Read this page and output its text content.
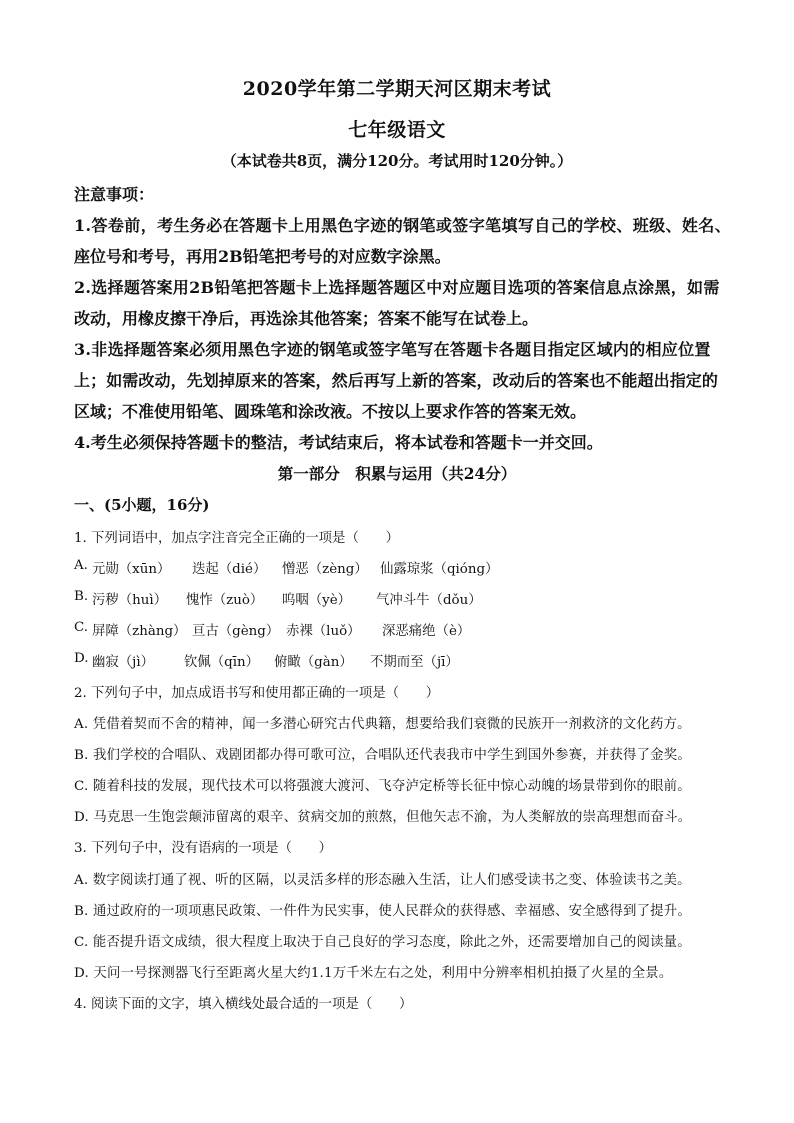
2020学年第二学期天河区期末考试
七年级语文
（本试卷共8页，满分120分。考试用时120分钟。）
注意事项：
1.答卷前，考生务必在答题卡上用黑色字迹的钢笔或签字笔填写自己的学校、班级、姓名、
座位号和考号，再用2B铅笔把考号的对应数字涂黑。
2.选择题答案用2B铅笔把答题卡上选择题答题区中对应题目选项的答案信息点涂黑，如需
改动，用橡皮擦干净后，再选涂其他答案；答案不能写在试卷上。
3.非选择题答案必须用黑色字迹的钢笔或签字笔写在答题卡各题目指定区域内的相应位置
上；如需改动，先划掉原来的答案，然后再写上新的答案，改动后的答案也不能超出指定的
区域；不准使用铅笔、圆珠笔和涂改液。不按以上要求作答的答案无效。
4.考生必须保持答题卡的整洁，考试结束后，将本试卷和答题卡一并交回。
第一部分　积累与运用（共24分）
一、(5小题，16分)
1. 下列词语中，加点字注音完全正确的一项是（　　）
A. 元勋（xūn） 迭起（dié） 憎恶（zèng） 仙露琼浆（qióng）
B. 污秽（huì） 愧怍（zuò） 呜咽（yè） 气冲斗牛（dǒu）
C. 屏障（zhàng） 亘古（gèng） 赤裸（luǒ） 深恶痛绝（è）
D. 幽寂（jì） 钦佩（qīn） 俯瞰（gàn） 不期而至（jī）
2. 下列句子中，加点成语书写和使用都正确的一项是（　　）
A. 凭借着契而不舍的精神，闻一多潜心研究古代典籍，想要给我们衰微的民族开一剂救济的文化药方。
B. 我们学校的合唱队、戏剧团都办得可歌可泣，合唱队还代表我市中学生到国外参赛，并获得了金奖。
C. 随着科技的发展，现代技术可以将强渡大渡河、飞夺泸定桥等长征中惊心动魄的场景带到你的眼前。
D. 马克思一生饱尝颠沛留离的艰辛、贫病交加的煎熬，但他矢志不渝，为人类解放的崇高理想而奋斗。
3. 下列句子中，没有语病的一项是（　　）
A. 数字阅读打通了视、听的区隔，以灵活多样的形态融入生活，让人们感受读书之变、体验读书之美。
B. 通过政府的一项项惠民政策、一件件为民实事，使人民群众的获得感、幸福感、安全感得到了提升。
C. 能否提升语文成绩，很大程度上取决于自己良好的学习态度，除此之外，还需要增加自己的阅读量。
D. 天问一号探测器飞行至距离火星大约1.1万千米左右之处，利用中分辨率相机拍摄了火星的全景。
4. 阅读下面的文字，填入横线处最合适的一项是（　　）
